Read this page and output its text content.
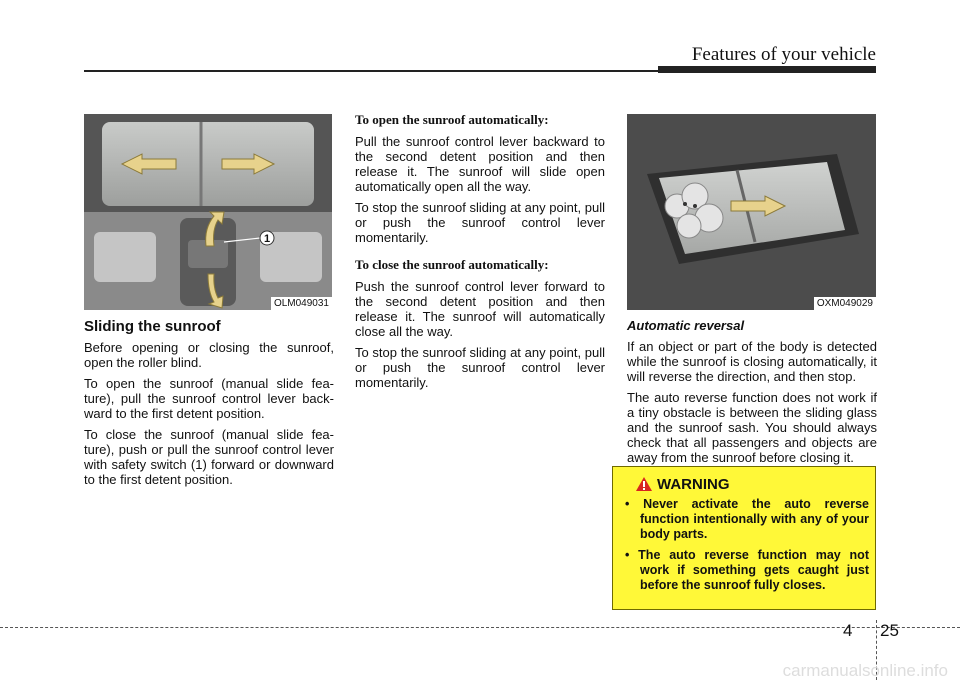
Features of your vehicle
1
OLM049031
Sliding the sunroof

Before opening or closing the sunroof, open the roller blind.

To open the sunroof (manual slide fea-ture), pull the sunroof control lever back-ward to the first detent position.

To close the sunroof (manual slide fea-ture), push or pull the sunroof control lever with safety switch (1) forward or downward to the first detent position.

To open the sunroof automatically:

Pull the sunroof control lever backward to the second detent position and then release it. The sunroof will slide open automatically open all the way.

To stop the sunroof sliding at any point, pull or push the sunroof control lever momentarily.

To close the sunroof automatically:

Push the sunroof control lever forward to the second detent position and then release it. The sunroof will automatically close all the way.

To stop the sunroof sliding at any point, pull or push the sunroof control lever momentarily.

OXM049029
Automatic reversal

If an object or part of the body is detected while the sunroof is closing automatically, it will reverse the direction, and then stop.

The auto reverse function does not work if a tiny obstacle is between the sliding glass and the sunroof sash. You should always check that all passengers and objects are away from the sunroof before closing it.

WARNING
• Never activate the auto reverse function intentionally with any of your body parts.
• The auto reverse function may not work if something gets caught just before the sunroof fully closes.
4 25
carmanualsonline.info
